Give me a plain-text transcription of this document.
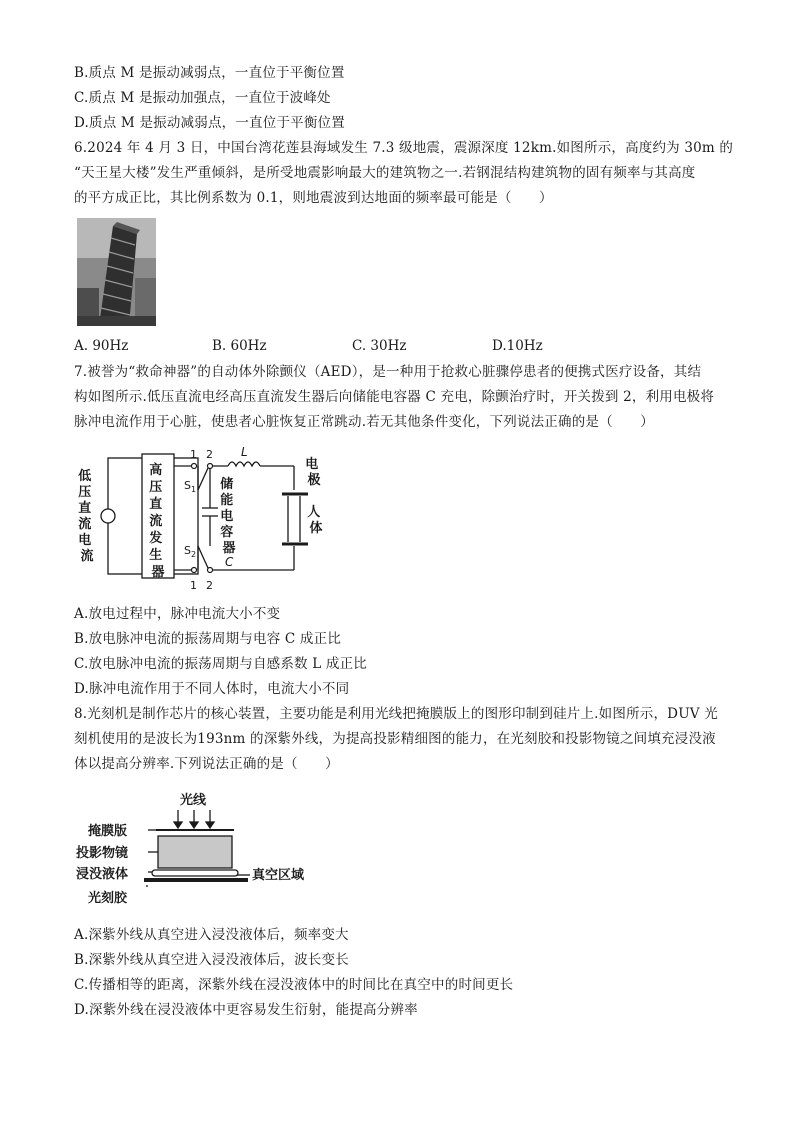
B.质点 M 是振动减弱点，一直位于平衡位置
C.质点 M 是振动加强点，一直位于波峰处
D.质点 M 是振动减弱点，一直位于平衡位置
6.2024 年 4 月 3 日，中国台湾花莲县海域发生 7.3 级地震，震源深度 12km.如图所示，高度约为 30m 的
“天王星大楼”发生严重倾斜，是所受地震影响最大的建筑物之一.若钢混结构建筑物的固有频率与其高度
的平方成正比，其比例系数为 0.1，则地震波到达地面的频率最可能是（　　）
A. 90Hz	B. 60Hz	C. 30Hz	D.10Hz
7.被誉为“救命神器”的自动体外除颤仪（AED），是一种用于抢救心脏骤停患者的便携式医疗设备，其结
构如图所示.低压直流电经高压直流发生器后向储能电容器 C 充电，除颤治疗时，开关拨到 2，利用电极将
脉冲电流作用于心脏，使患者心脏恢复正常跳动.若无其他条件变化，下列说法正确的是（　　）
低 压 直 流 电 流
高 压 直 流 发 生 器
1 2
1 2
$S_1$
$S_2$
储 能 电 容 器
C
L
电 极
人 体
A.放电过程中，脉冲电流大小不变
B.放电脉冲电流的振荡周期与电容 C 成正比
C.放电脉冲电流的振荡周期与自感系数 L 成正比
D.脉冲电流作用于不同人体时，电流大小不同
8.光刻机是制作芯片的核心装置，主要功能是利用光线把掩膜版上的图形印制到硅片上.如图所示，DUV 光
刻机使用的是波长为193nm 的深紫外线，为提高投影精细图的能力，在光刻胶和投影物镜之间填充浸没液
体以提高分辨率.下列说法正确的是（　　）
光线
掩膜版
投影物镜
浸没液体
光刻胶
真空区域
A.深紫外线从真空进入浸没液体后，频率变大
B.深紫外线从真空进入浸没液体后，波长变长
C.传播相等的距离，深紫外线在浸没液体中的时间比在真空中的时间更长
D.深紫外线在浸没液体中更容易发生衍射，能提高分辨率
